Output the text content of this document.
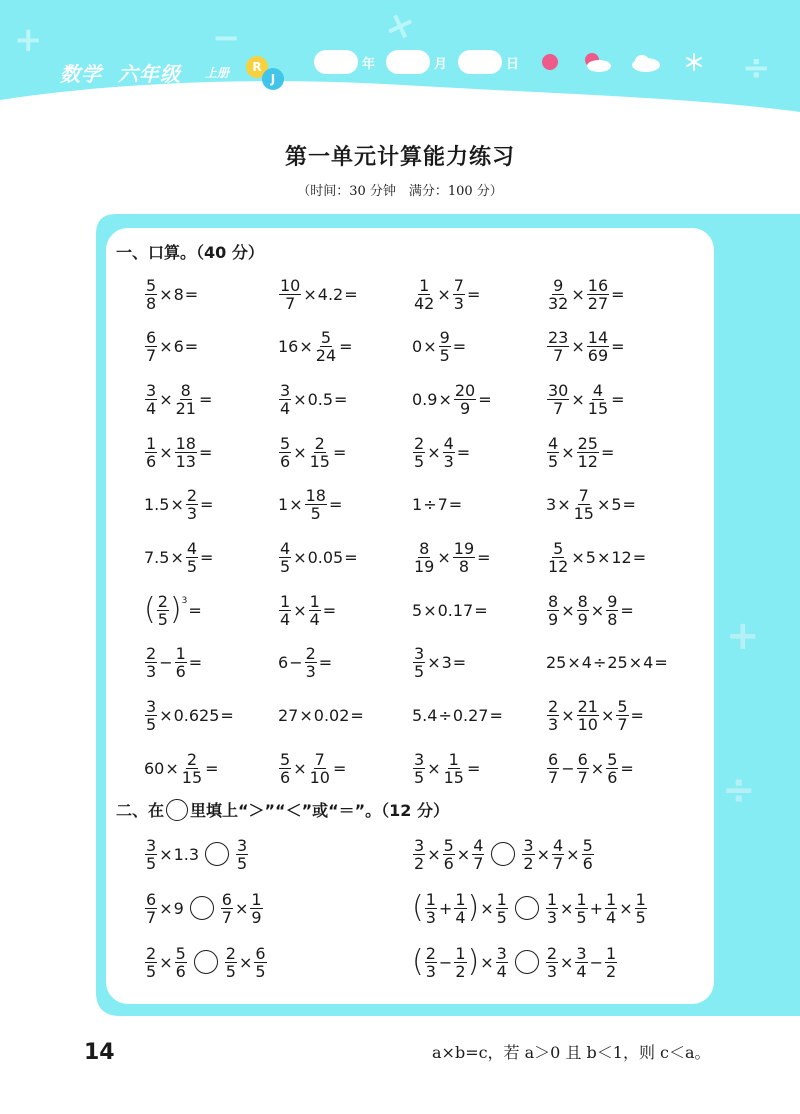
+	−	×
÷
数学 六年级 上册	R
J
年	月	日
第一单元计算能力练习
（时间：30 分钟　满分：100 分）
+
÷
一、口算。（40 分）
$\frac{5}{8} \times 8$ =	$\frac{10}{7} \times 4.2$ =	$\frac{1}{42} \times \frac{7}{3}$ =	$\frac{9}{32} \times \frac{16}{27}$ =
$\frac{6}{7} \times 6$ =	$16 \times \frac{5}{24}$ =	$0 \times \frac{9}{5}$ =	$\frac{23}{7} \times \frac{14}{69}$ =
$\frac{3}{4} \times \frac{8}{21}$ =	$\frac{3}{4} \times 0.5$ =	$0.9 \times \frac{20}{9}$ =	$\frac{30}{7} \times \frac{4}{15}$ =
$\frac{1}{6} \times \frac{18}{13}$ =	$\frac{5}{6} \times \frac{2}{15}$ =	$\frac{2}{5} \times \frac{4}{3}$ =	$\frac{4}{5} \times \frac{25}{12}$ =
$1.5 \times \frac{2}{3}$ =	$1 \times \frac{18}{5}$ =	1 ÷ 7 =	$3 \times \frac{7}{15} \times 5$ =
$7.5 \times \frac{4}{5}$ =	$\frac{4}{5} \times 0.05$ =	$\frac{8}{19} \times \frac{19}{8}$ =	$\frac{5}{12} \times 5 \times 12$ =
( $\frac{2}{5}$ ) 3 =	$\frac{1}{4} \times \frac{1}{4}$ =	5 × 0.17 =	$\frac{8}{9} \times \frac{8}{9} \times \frac{9}{8}$ =
$\frac{2}{3} - \frac{1}{6}$ =	$6 - \frac{2}{3}$ =	$\frac{3}{5} \times 3$ =	25 × 4 ÷ 25 × 4 =
$\frac{3}{5} \times 0.625$ =	27 × 0.02 =	5.4 ÷ 0.27 =	$\frac{2}{3} \times \frac{21}{10} \times \frac{5}{7}$ =
$60 \times \frac{2}{15}$ =	$\frac{5}{6} \times \frac{7}{10}$ =	$\frac{3}{5} \times \frac{1}{15}$ =	$\frac{6}{7} - \frac{6}{7} \times \frac{5}{6}$ =
二、在 里填上“＞”“＜”或“＝”。（12 分）
$\frac{3}{5} \times 1.3 \frac{3}{5}$	$\frac{3}{2} \times \frac{5}{6} \times \frac{4}{7} \frac{3}{2} \times \frac{4}{7} \times \frac{5}{6}$
$\frac{6}{7} \times 9 \frac{6}{7} \times \frac{1}{9}$	( $\frac{1}{3} + \frac{1}{4}$ ) × $\frac{1}{5} \frac{1}{3} \times \frac{1}{5} + \frac{1}{4} \times \frac{1}{5}$
$\frac{2}{5} \times \frac{5}{6} \frac{2}{5} \times \frac{6}{5}$	( $\frac{2}{3} - \frac{1}{2}$ ) × $\frac{3}{4} \frac{2}{3} \times \frac{3}{4} - \frac{1}{2}$
14	a×b=c，若 a＞0 且 b＜1，则 c＜a。
